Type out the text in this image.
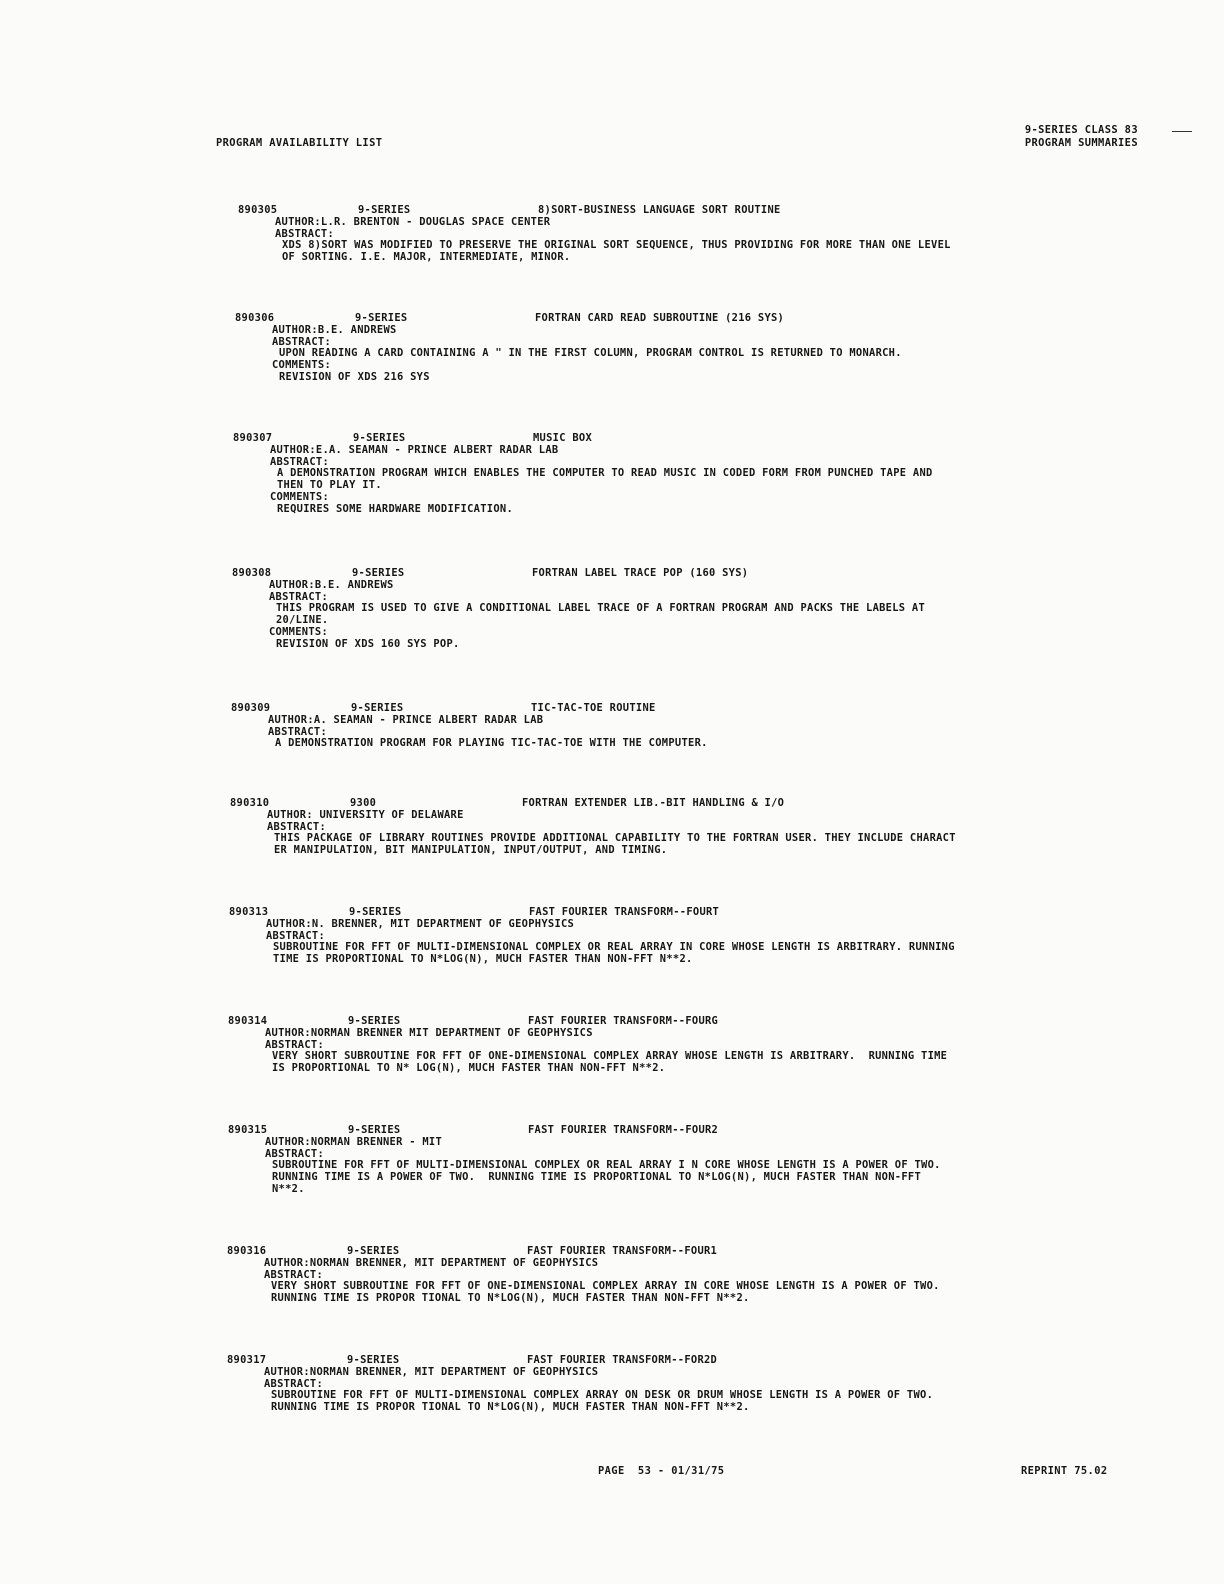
PROGRAM AVAILABILITY LIST
9-SERIES CLASS 83
PROGRAM SUMMARIES
890305	9-SERIES	8)SORT-BUSINESS LANGUAGE SORT ROUTINE
AUTHOR:L.R. BRENTON - DOUGLAS SPACE CENTER
ABSTRACT:
XDS 8)SORT WAS MODIFIED TO PRESERVE THE ORIGINAL SORT SEQUENCE, THUS PROVIDING FOR MORE THAN ONE LEVEL
OF SORTING. I.E. MAJOR, INTERMEDIATE, MINOR.
890306	9-SERIES	FORTRAN CARD READ SUBROUTINE (216 SYS)
AUTHOR:B.E. ANDREWS
ABSTRACT:
UPON READING A CARD CONTAINING A " IN THE FIRST COLUMN, PROGRAM CONTROL IS RETURNED TO MONARCH.
COMMENTS:
REVISION OF XDS 216 SYS
890307	9-SERIES	MUSIC BOX
AUTHOR:E.A. SEAMAN - PRINCE ALBERT RADAR LAB
ABSTRACT:
A DEMONSTRATION PROGRAM WHICH ENABLES THE COMPUTER TO READ MUSIC IN CODED FORM FROM PUNCHED TAPE AND
THEN TO PLAY IT.
COMMENTS:
REQUIRES SOME HARDWARE MODIFICATION.
890308	9-SERIES	FORTRAN LABEL TRACE POP (160 SYS)
AUTHOR:B.E. ANDREWS
ABSTRACT:
THIS PROGRAM IS USED TO GIVE A CONDITIONAL LABEL TRACE OF A FORTRAN PROGRAM AND PACKS THE LABELS AT
20/LINE.
COMMENTS:
REVISION OF XDS 160 SYS POP.
890309	9-SERIES	TIC-TAC-TOE ROUTINE
AUTHOR:A. SEAMAN - PRINCE ALBERT RADAR LAB
ABSTRACT:
A DEMONSTRATION PROGRAM FOR PLAYING TIC-TAC-TOE WITH THE COMPUTER.
890310	9300	FORTRAN EXTENDER LIB.-BIT HANDLING & I/O
AUTHOR: UNIVERSITY OF DELAWARE
ABSTRACT:
THIS PACKAGE OF LIBRARY ROUTINES PROVIDE ADDITIONAL CAPABILITY TO THE FORTRAN USER. THEY INCLUDE CHARACT
ER MANIPULATION, BIT MANIPULATION, INPUT/OUTPUT, AND TIMING.
890313	9-SERIES	FAST FOURIER TRANSFORM--FOURT
AUTHOR:N. BRENNER, MIT DEPARTMENT OF GEOPHYSICS
ABSTRACT:
SUBROUTINE FOR FFT OF MULTI-DIMENSIONAL COMPLEX OR REAL ARRAY IN CORE WHOSE LENGTH IS ARBITRARY. RUNNING
TIME IS PROPORTIONAL TO N*LOG(N), MUCH FASTER THAN NON-FFT N**2.
890314	9-SERIES	FAST FOURIER TRANSFORM--FOURG
AUTHOR:NORMAN BRENNER MIT DEPARTMENT OF GEOPHYSICS
ABSTRACT:
VERY SHORT SUBROUTINE FOR FFT OF ONE-DIMENSIONAL COMPLEX ARRAY WHOSE LENGTH IS ARBITRARY.  RUNNING TIME
IS PROPORTIONAL TO N* LOG(N), MUCH FASTER THAN NON-FFT N**2.
890315	9-SERIES	FAST FOURIER TRANSFORM--FOUR2
AUTHOR:NORMAN BRENNER - MIT
ABSTRACT:
SUBROUTINE FOR FFT OF MULTI-DIMENSIONAL COMPLEX OR REAL ARRAY I N CORE WHOSE LENGTH IS A POWER OF TWO.
RUNNING TIME IS A POWER OF TWO.  RUNNING TIME IS PROPORTIONAL TO N*LOG(N), MUCH FASTER THAN NON-FFT
N**2.
890316	9-SERIES	FAST FOURIER TRANSFORM--FOUR1
AUTHOR:NORMAN BRENNER, MIT DEPARTMENT OF GEOPHYSICS
ABSTRACT:
VERY SHORT SUBROUTINE FOR FFT OF ONE-DIMENSIONAL COMPLEX ARRAY IN CORE WHOSE LENGTH IS A POWER OF TWO.
RUNNING TIME IS PROPOR TIONAL TO N*LOG(N), MUCH FASTER THAN NON-FFT N**2.
890317	9-SERIES	FAST FOURIER TRANSFORM--FOR2D
AUTHOR:NORMAN BRENNER, MIT DEPARTMENT OF GEOPHYSICS
ABSTRACT:
SUBROUTINE FOR FFT OF MULTI-DIMENSIONAL COMPLEX ARRAY ON DESK OR DRUM WHOSE LENGTH IS A POWER OF TWO.
RUNNING TIME IS PROPOR TIONAL TO N*LOG(N), MUCH FASTER THAN NON-FFT N**2.
PAGE  53 - 01/31/75	REPRINT 75.02
